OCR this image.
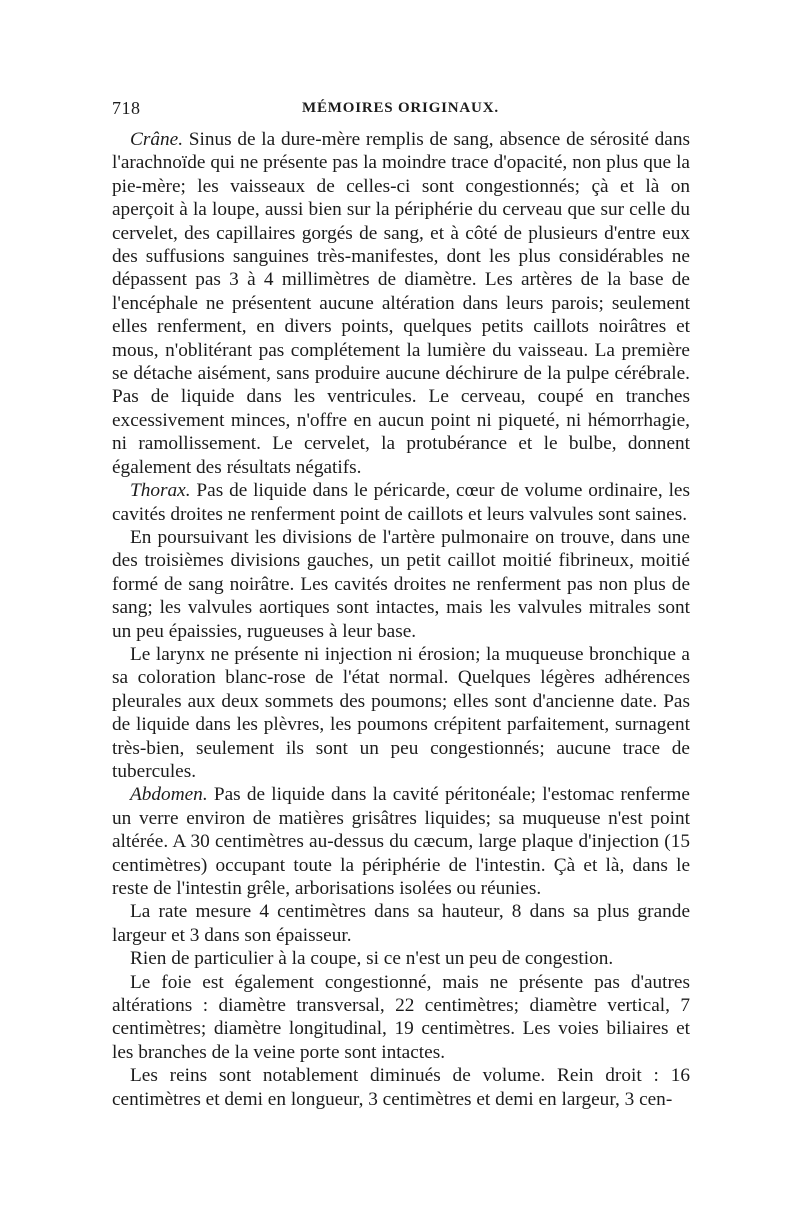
718	MÉMOIRES ORIGINAUX.

Crâne. Sinus de la dure-mère remplis de sang, absence de sérosité dans l'arachnoïde qui ne présente pas la moindre trace d'opacité, non plus que la pie-mère; les vaisseaux de celles-ci sont congestionnés; çà et là on aperçoit à la loupe, aussi bien sur la périphérie du cerveau que sur celle du cervelet, des capillaires gorgés de sang, et à côté de plusieurs d'entre eux des suffusions sanguines très-manifestes, dont les plus considérables ne dépassent pas 3 à 4 millimètres de diamètre. Les artères de la base de l'encéphale ne présentent aucune altération dans leurs parois; seulement elles renferment, en divers points, quelques petits caillots noirâtres et mous, n'oblitérant pas complétement la lumière du vaisseau. La première se détache aisément, sans produire aucune déchirure de la pulpe cérébrale. Pas de liquide dans les ventricules. Le cerveau, coupé en tranches excessivement minces, n'offre en aucun point ni piqueté, ni hémorrhagie, ni ramollissement. Le cervelet, la protubérance et le bulbe, donnent également des résultats négatifs.

Thorax. Pas de liquide dans le péricarde, cœur de volume ordinaire, les cavités droites ne renferment point de caillots et leurs valvules sont saines.

En poursuivant les divisions de l'artère pulmonaire on trouve, dans une des troisièmes divisions gauches, un petit caillot moitié fibrineux, moitié formé de sang noirâtre. Les cavités droites ne renferment pas non plus de sang; les valvules aortiques sont intactes, mais les valvules mitrales sont un peu épaissies, rugueuses à leur base.

Le larynx ne présente ni injection ni érosion; la muqueuse bronchique a sa coloration blanc-rose de l'état normal. Quelques légères adhérences pleurales aux deux sommets des poumons; elles sont d'ancienne date. Pas de liquide dans les plèvres, les poumons crépitent parfaitement, surnagent très-bien, seulement ils sont un peu congestionnés; aucune trace de tubercules.

Abdomen. Pas de liquide dans la cavité péritonéale; l'estomac renferme un verre environ de matières grisâtres liquides; sa muqueuse n'est point altérée. A 30 centimètres au-dessus du cæcum, large plaque d'injection (15 centimètres) occupant toute la périphérie de l'intestin. Çà et là, dans le reste de l'intestin grêle, arborisations isolées ou réunies.

La rate mesure 4 centimètres dans sa hauteur, 8 dans sa plus grande largeur et 3 dans son épaisseur.

Rien de particulier à la coupe, si ce n'est un peu de congestion.

Le foie est également congestionné, mais ne présente pas d'autres altérations : diamètre transversal, 22 centimètres; diamètre vertical, 7 centimètres; diamètre longitudinal, 19 centimètres. Les voies biliaires et les branches de la veine porte sont intactes.

Les reins sont notablement diminués de volume. Rein droit : 16 centimètres et demi en longueur, 3 centimètres et demi en largeur, 3 cen-
